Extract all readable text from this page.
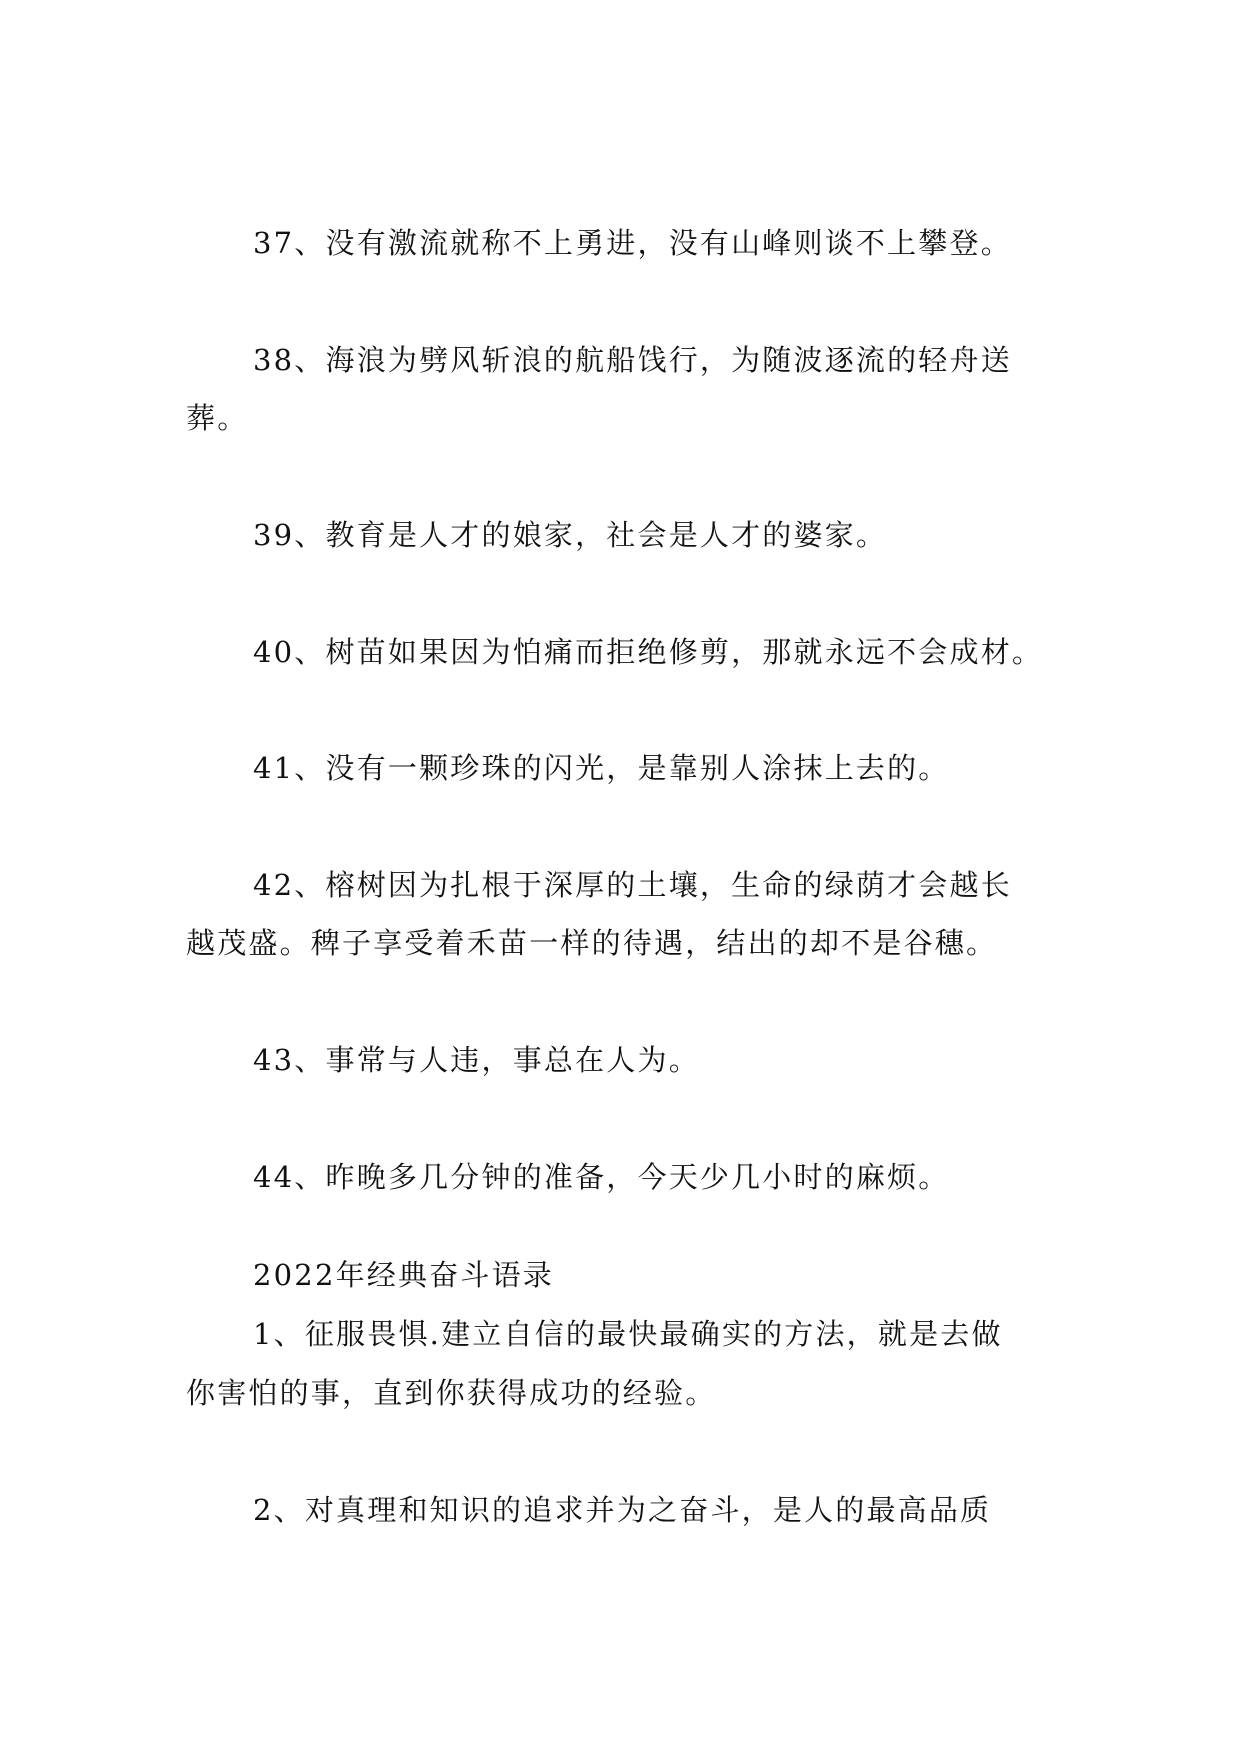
37、没有激流就称不上勇进，没有山峰则谈不上攀登。
38、海浪为劈风斩浪的航船饯行，为随波逐流的轻舟送
葬。
39、教育是人才的娘家，社会是人才的婆家。
40、树苗如果因为怕痛而拒绝修剪，那就永远不会成材。
41、没有一颗珍珠的闪光，是靠别人涂抹上去的。
42、榕树因为扎根于深厚的土壤，生命的绿荫才会越长
越茂盛。稗子享受着禾苗一样的待遇，结出的却不是谷穗。
43、事常与人违，事总在人为。
44、昨晚多几分钟的准备，今天少几小时的麻烦。
2022年经典奋斗语录
1、征服畏惧.建立自信的最快最确实的方法，就是去做
你害怕的事，直到你获得成功的经验。
2、对真理和知识的追求并为之奋斗，是人的最高品质
